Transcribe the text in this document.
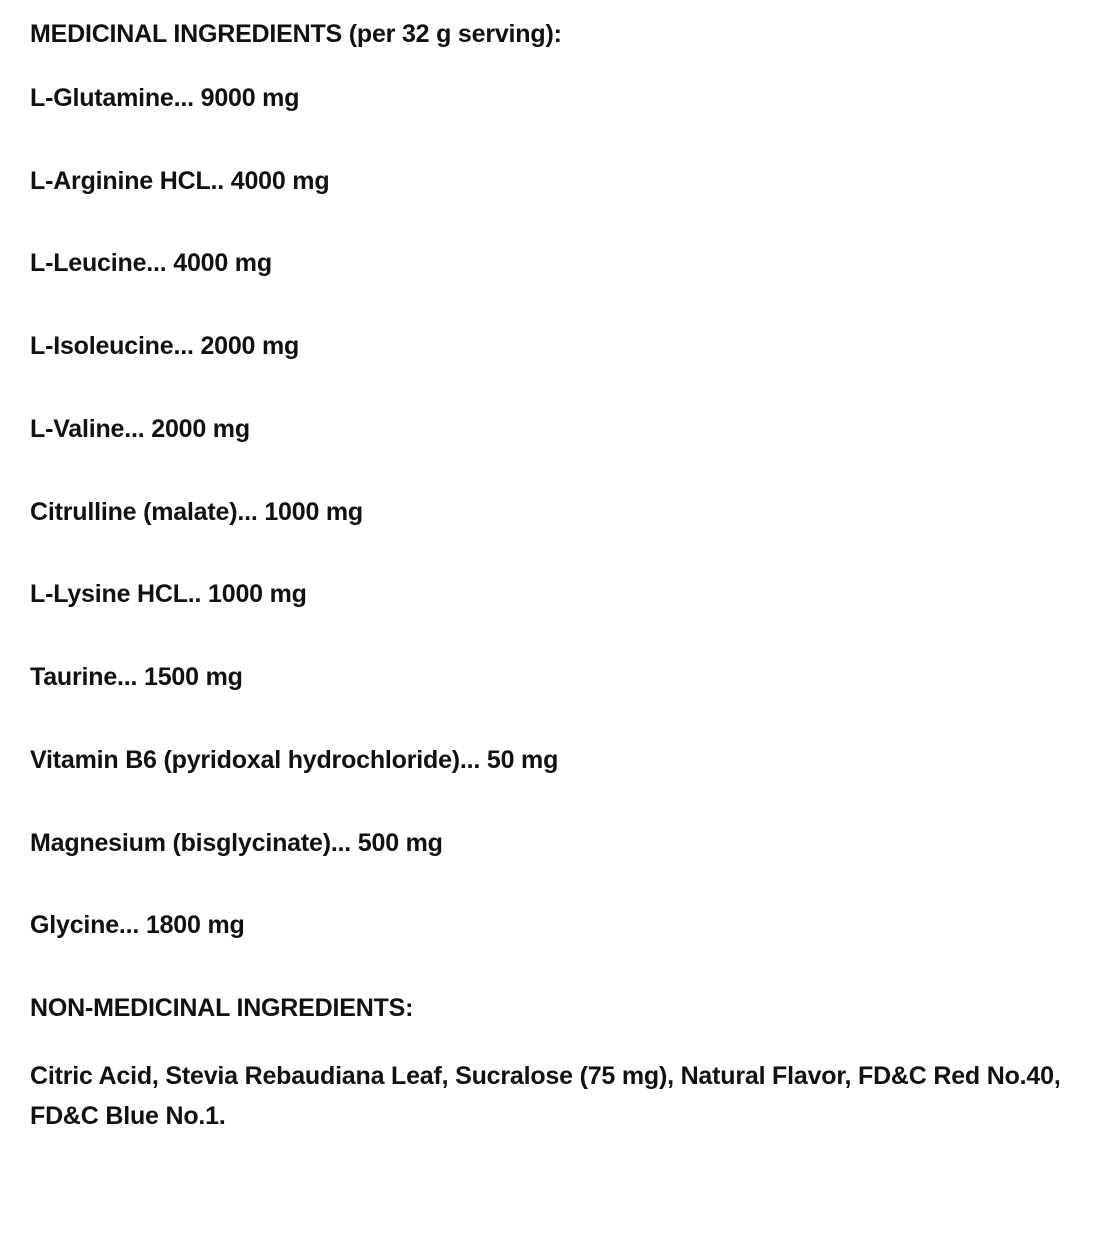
MEDICINAL INGREDIENTS (per 32 g serving):
L-Glutamine... 9000 mg
L-Arginine HCL.. 4000 mg
L-Leucine... 4000 mg
L-Isoleucine... 2000 mg
L-Valine... 2000 mg
Citrulline (malate)... 1000 mg
L-Lysine HCL.. 1000 mg
Taurine... 1500 mg
Vitamin B6 (pyridoxal hydrochloride)... 50 mg
Magnesium (bisglycinate)... 500 mg
Glycine... 1800 mg
NON-MEDICINAL INGREDIENTS:

Citric Acid, Stevia Rebaudiana Leaf, Sucralose (75 mg), Natural Flavor, FD&C Red No.40, FD&C Blue No.1.
